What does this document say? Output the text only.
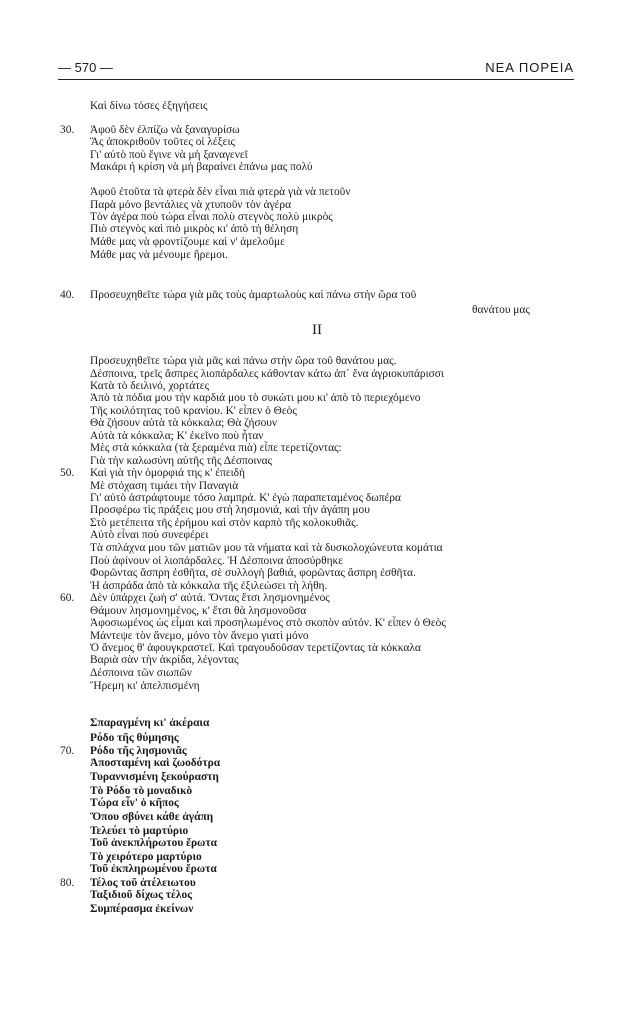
— 570 —	ΝΕΑ ΠΟΡΕΙΑ
II
Καὶ δίνω τόσες ἐξηγήσεις
30. Ἀφοῦ δὲν ἐλπίζω νὰ ξαναγυρίσω
Ἂς ἀποκριθοῦν τοῦτες οἱ λέξεις
Γι' αὐτὸ ποὺ ἔγινε νὰ μὴ ξαναγενεῖ
Μακάρι ἡ κρίση νὰ μὴ βαραίνει ἐπάνω μας πολύ
Ἀφοῦ ἐτοῦτα τὰ φτερὰ δὲν εἶναι πιὰ φτερὰ γιὰ νὰ πετοῦν
Παρὰ μόνο βεντάλιες νὰ χτυποῦν τὸν ἀγέρα
Τὸν ἀγέρα ποὺ τώρα εἶναι πολὺ στεγνὸς πολὺ μικρὸς
Πιὸ στεγνὸς καὶ πιὸ μικρὸς κι' ἀπὸ τὴ θέληση
Μάθε μας νὰ φροντίζουμε καὶ ν' ἀμελοῦμε
Μάθε μας νὰ μένουμε ἤρεμοι.
40. Προσευχηθεῖτε τώρα γιὰ μᾶς τοὺς ἁμαρτωλοὺς καὶ πάνω στὴν ὥρα τοῦ
θανάτου μας
Προσευχηθεῖτε τώρα γιὰ μᾶς καὶ πάνω στὴν ὥρα τοῦ θανάτου μας.
Δέσποινα, τρεῖς ἄσπρες λιοπάρδαλες κάθονταν κάτω ἀπ᾿ ἕνα ἀγριοκυπάρισσι
Κατὰ τὸ δειλινό, χορτάτες
Ἀπὸ τὰ πόδια μου τὴν καρδιά μου τὸ συκώτι μου κι' ἀπὸ τὸ περιεχόμενο
Τῆς κοιλότητας τοῦ κρανίου. Κ' εἶπεν ὁ Θεὸς
Θὰ ζήσουν αὐτὰ τὰ κόκκαλα; Θὰ ζήσουν
Αὐτὰ τὰ κόκκαλα; Κ' ἐκεῖνο ποὺ ἦταν
Μὲς στὰ κόκκαλα (τὰ ξεραμένα πιὰ) εἶπε τερετίζοντας:
Γιὰ τὴν καλωσύνη αὐτῆς τῆς Δέσποινας
50. Καὶ γιὰ τὴν ὀμορφιά της κ' ἐπειδὴ
Μὲ στόχαση τιμάει τὴν Παναγιὰ
Γι' αὐτὸ ἀστράφτουμε τόσο λαμπρά. Κ' ἐγὼ παραπεταμένος δωπέρα
Προσφέρω τὶς πράξεις μου στὴ λησμονιά, καὶ τὴν ἀγάπη μου
Στὸ μετέπειτα τῆς ἐρήμου καὶ στὸν καρπὸ τῆς κολοκυθιᾶς.
Αὐτὸ εἶναι ποὺ συνεφέρει
Τὰ σπλάχνα μου τῶν ματιῶν μου τὰ νήματα καὶ τὰ δυσκολοχώνευτα κομάτια
Ποὺ ἀφίνουν οἱ λιοπάρδαλες. Ἡ Δέσποινα ἀποσύρθηκε
Φορῶντας ἄσπρη ἐσθῆτα, σὲ συλλογὴ βαθιά, φορῶντας ἄσπρη ἐσθῆτα.
Ἡ ἀσπράδα ἀπὸ τὰ κόκκαλα τῆς ἐξιλεώσει τὴ λήθη.
60. Δὲν ὑπάρχει ζωὴ σ' αὐτά. Ὄντας ἔτσι λησμονημένος
Θάμουν λησμονημένος, κ' ἔτσι θὰ λησμονοῦσα
Ἀφοσιωμένος ὡς εἶμαι καὶ προσηλωμένος στὸ σκοπὸν αὐτόν. Κ' εἶπεν ὁ Θεὸς
Μάντεψε τὸν ἄνεμο, μόνο τὸν ἄνεμο γιατὶ μόνο
Ὁ ἄνεμος θ' ἀφουγκραστεῖ. Καὶ τραγουδοῦσαν τερετίζοντας τὰ κόκκαλα
Βαριὰ σὰν τὴν ἀκρίδα, λέγοντας
Δέσποινα τῶν σιωπῶν
Ἤρεμη κι' ἀπελπισμένη
Σπαραγμένη κι' ἀκέραια
Ρόδο τῆς θύμησης
70. Ρόδο τῆς λησμονιᾶς
Ἀποσταμένη καὶ ζωοδότρα
Τυραννισμένη ξεκούραστη
Τὸ Ρόδο τὸ μοναδικὸ
Τώρα εἶν' ὁ κῆπος
Ὅπου σβύνει κάθε ἀγάπη
Τελεύει τὸ μαρτύριο
Τοῦ ἀνεκπλήρωτου ἔρωτα
Τὸ χειρότερο μαρτύριο
Τοῦ ἐκπληρωμένου ἔρωτα
80. Τέλος τοῦ ἀτέλειωτου
Ταξιδιοῦ δίχως τέλος
Συμπέρασμα ἐκείνων
